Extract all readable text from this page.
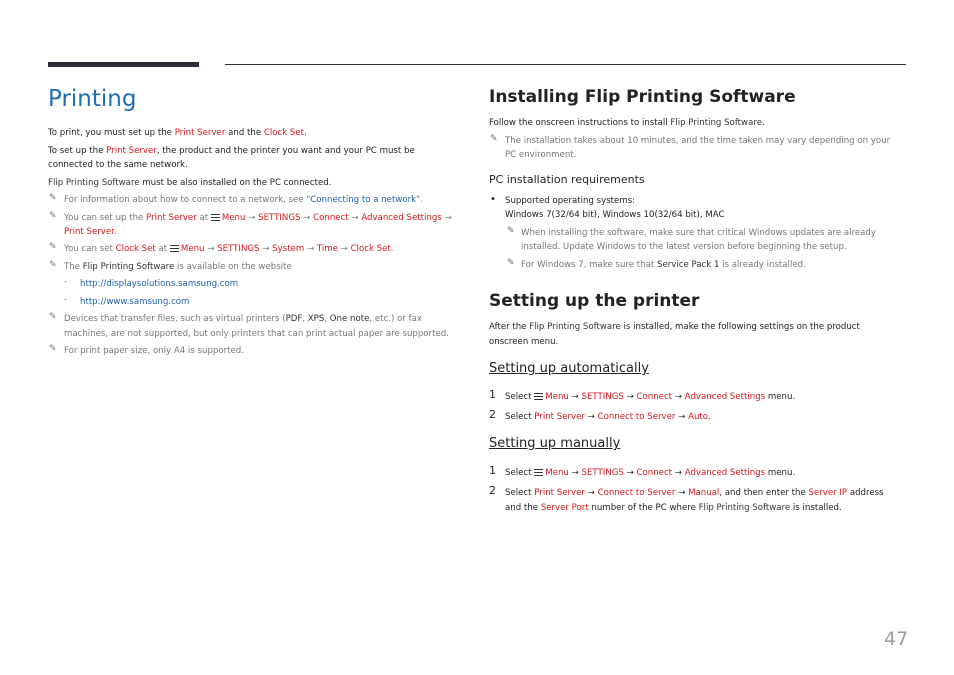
Printing
To print, you must set up the Print Server and the Clock Set.
To set up the Print Server, the product and the printer you want and your PC must be
connected to the same network.
Flip Printing Software must be also installed on the PC connected.
✎ For information about how to connect to a network, see "Connecting to a network".
✎ You can set up the Print Server at Menu → SETTINGS → Connect → Advanced Settings →
Print Server.
✎ You can set Clock Set at Menu → SETTINGS → System → Time → Clock Set.
✎ The Flip Printing Software is available on the website
- http://displaysolutions.samsung.com
- http://www.samsung.com
✎ Devices that transfer files, such as virtual printers (PDF, XPS, One note, etc.) or fax
machines, are not supported, but only printers that can print actual paper are supported.
✎ For print paper size, only A4 is supported.
Installing Flip Printing Software
Follow the onscreen instructions to install Flip Printing Software.
✎ The installation takes about 10 minutes, and the time taken may vary depending on your
PC environment.
PC installation requirements
• Supported operating systems:
Windows 7(32/64 bit), Windows 10(32/64 bit), MAC
✎ When installing the software, make sure that critical Windows updates are already
installed. Update Windows to the latest version before beginning the setup.
✎ For Windows 7, make sure that Service Pack 1 is already installed.
Setting up the printer
After the Flip Printing Software is installed, make the following settings on the product
onscreen menu.
Setting up automatically
1 Select Menu → SETTINGS → Connect → Advanced Settings menu.
2 Select Print Server → Connect to Server → Auto.
Setting up manually
1 Select Menu → SETTINGS → Connect → Advanced Settings menu.
2 Select Print Server → Connect to Server → Manual, and then enter the Server IP address
and the Server Port number of the PC where Flip Printing Software is installed.
47
